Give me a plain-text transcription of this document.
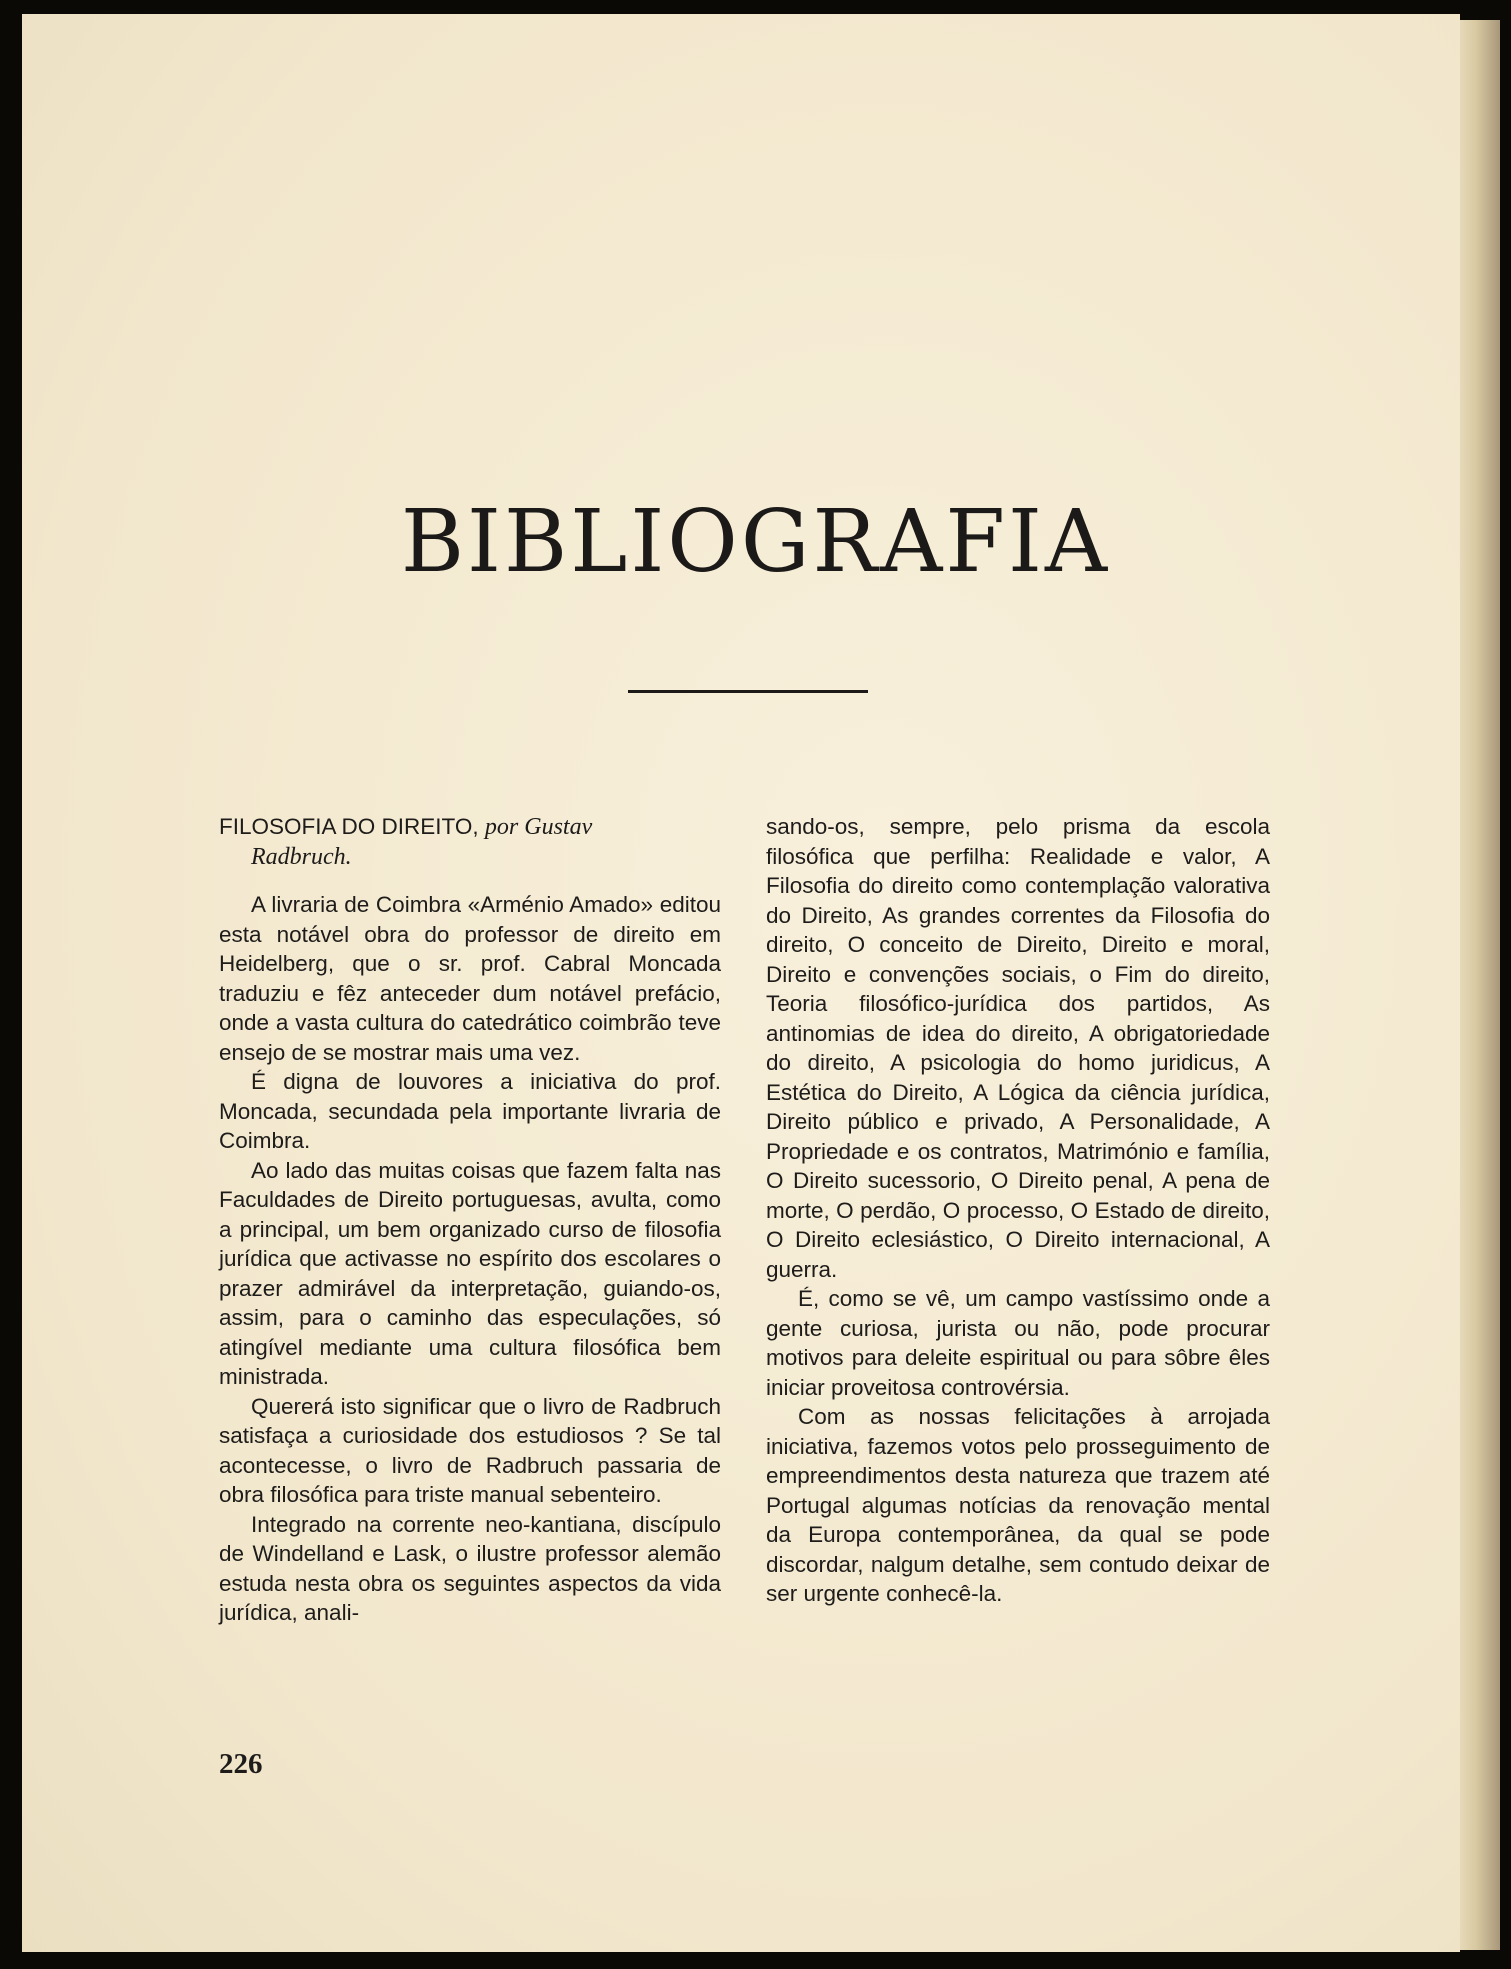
BIBLIOGRAFIA
FILOSOFIA DO DIREITO, por Gustav
Radbruch.

A livraria de Coimbra «Arménio Amado» editou esta notável obra do professor de direito em Heidelberg, que o sr. prof. Cabral Moncada traduziu e fêz anteceder dum notável prefácio, onde a vasta cultura do catedrático coimbrão teve ensejo de se mostrar mais uma vez.

É digna de louvores a iniciativa do prof. Moncada, secundada pela importante livraria de Coimbra.

Ao lado das muitas coisas que fazem falta nas Faculdades de Direito portuguesas, avulta, como a principal, um bem organizado curso de filosofia jurídica que activasse no espírito dos escolares o prazer admirável da interpretação, guiando-os, assim, para o caminho das especulações, só atingível mediante uma cultura filosófica bem ministrada.

Quererá isto significar que o livro de Radbruch satisfaça a curiosidade dos estudiosos ? Se tal acontecesse, o livro de Radbruch passaria de obra filosófica para triste manual sebenteiro.

Integrado na corrente neo-kantiana, discípulo de Windelland e Lask, o ilustre professor alemão estuda nesta obra os seguintes aspectos da vida jurídica, anali-

sando-os, sempre, pelo prisma da escola filosófica que perfilha: Realidade e valor, A Filosofia do direito como contemplação valorativa do Direito, As grandes correntes da Filosofia do direito, O conceito de Direito, Direito e moral, Direito e convenções sociais, o Fim do direito, Teoria filosófico-jurídica dos partidos, As antinomias de idea do direito, A obrigatoriedade do direito, A psicologia do homo juridicus, A Estética do Direito, A Lógica da ciência jurídica, Direito público e privado, A Personalidade, A Propriedade e os contratos, Matrimónio e família, O Direito sucessorio, O Direito penal, A pena de morte, O perdão, O processo, O Estado de direito, O Direito eclesiástico, O Direito internacional, A guerra.

É, como se vê, um campo vastíssimo onde a gente curiosa, jurista ou não, pode procurar motivos para deleite espiritual ou para sôbre êles iniciar proveitosa controvérsia.

Com as nossas felicitações à arrojada iniciativa, fazemos votos pelo prosseguimento de empreendimentos desta natureza que trazem até Portugal algumas notícias da renovação mental da Europa contemporânea, da qual se pode discordar, nalgum detalhe, sem contudo deixar de ser urgente conhecê-la.

226
